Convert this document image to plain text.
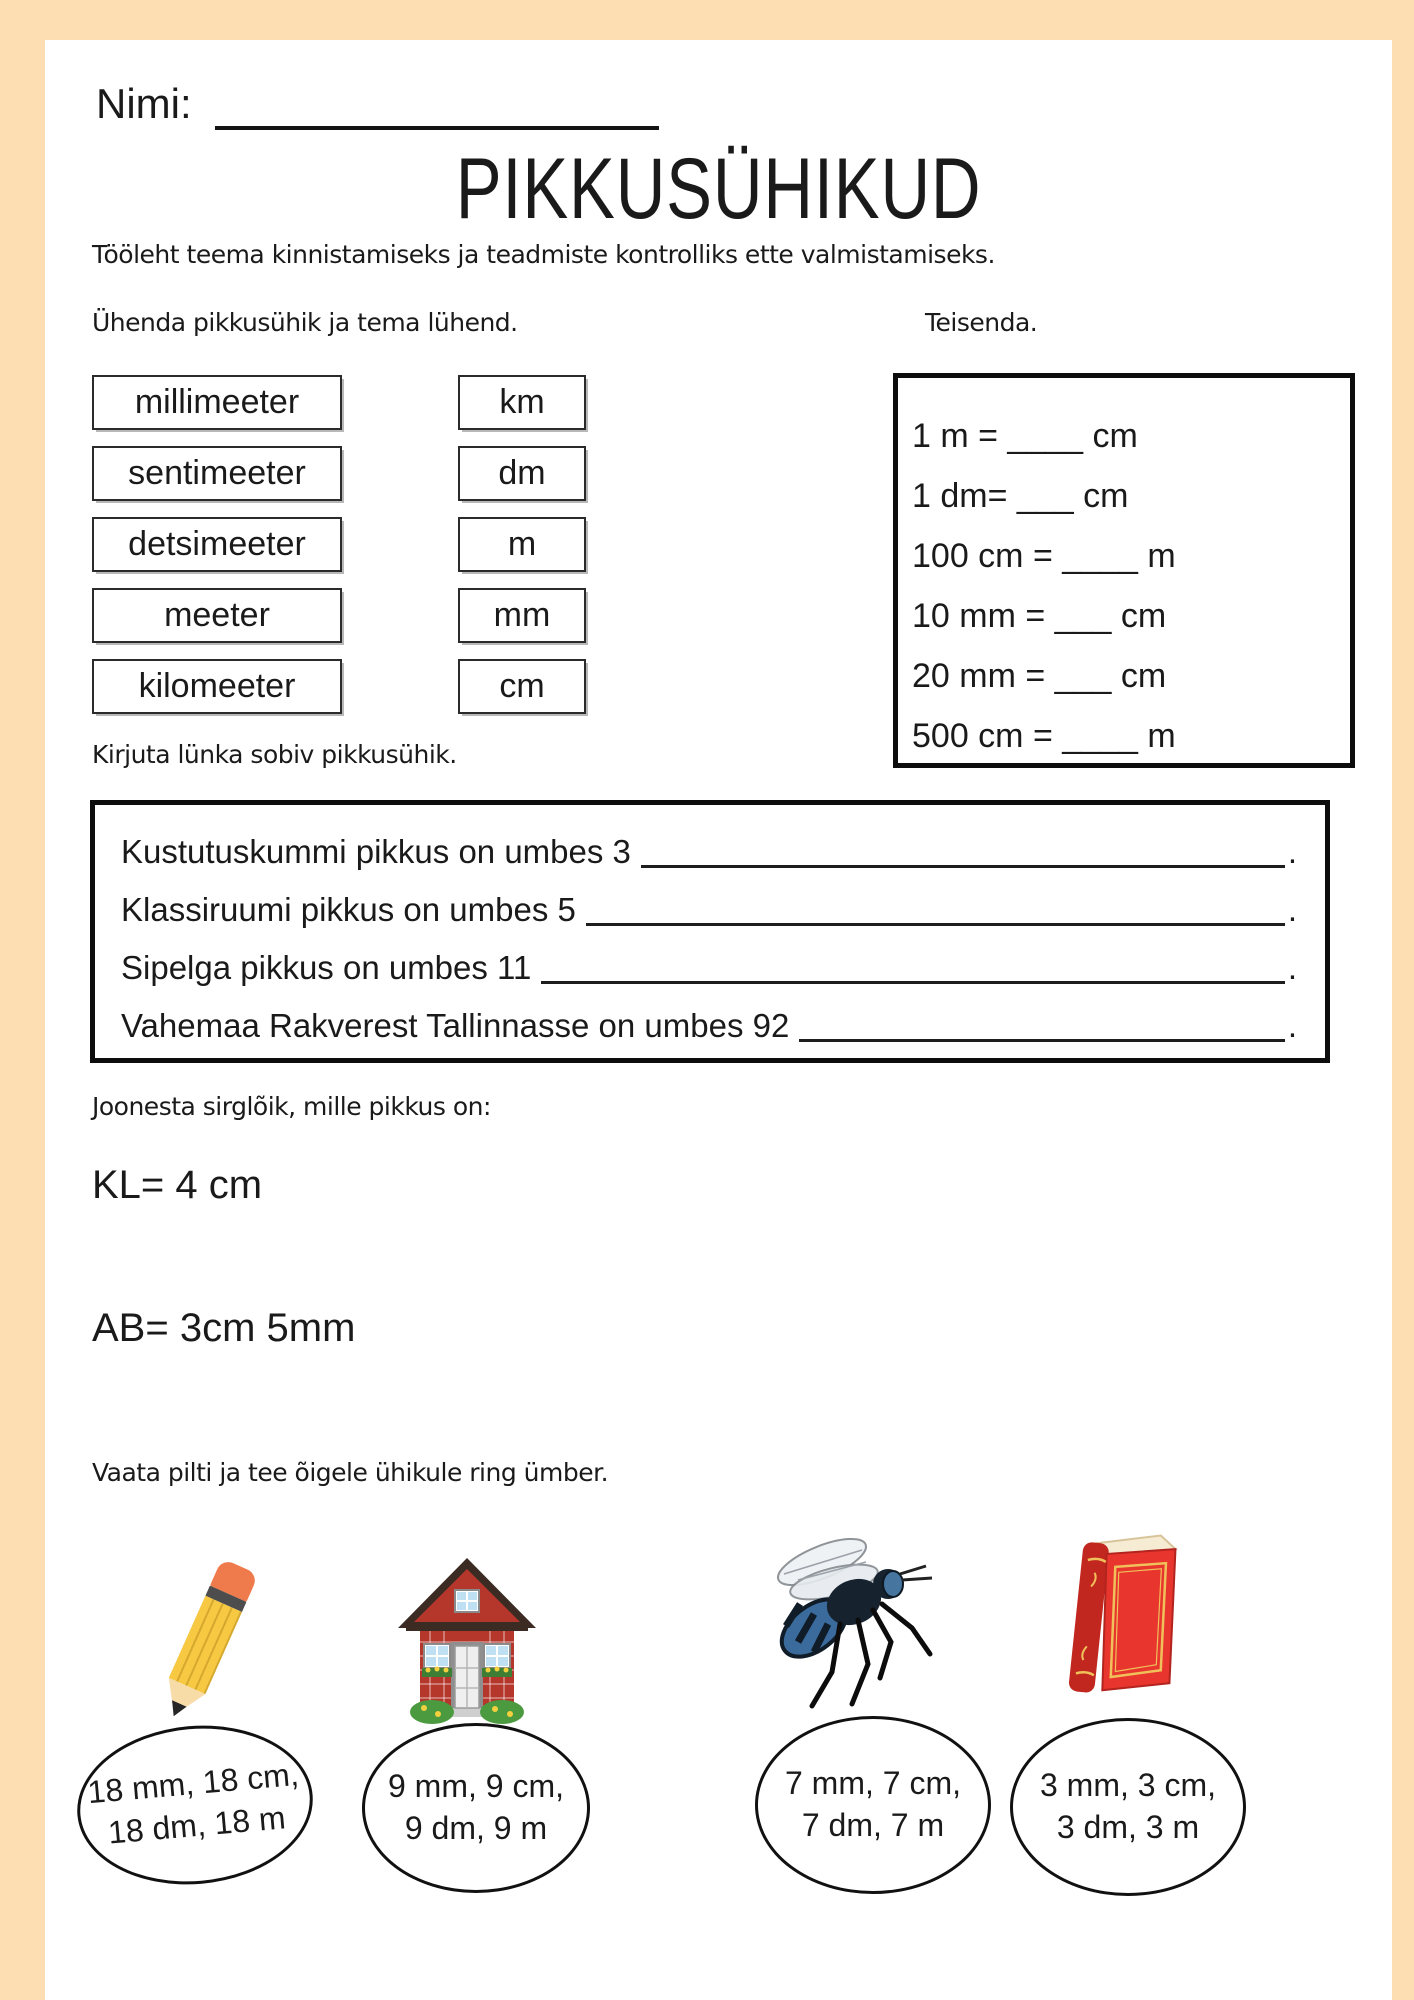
Nimi:
PIKKUSÜHIKUD
Tööleht teema kinnistamiseks ja teadmiste kontrolliks ette valmistamiseks.
Ühenda pikkusühik ja tema lühend.	Teisenda.
millimeeter
sentimeeter
detsimeeter
meeter
kilomeeter
km
dm
m
mm
cm
1 m = ____ cm
1 dm= ___ cm
100 cm = ____ m
10 mm = ___ cm
20 mm = ___ cm
500 cm = ____ m
Kirjuta lünka sobiv pikkusühik.
Kustutuskummi pikkus on umbes 3	.
Klassiruumi pikkus on umbes 5	.
Sipelga pikkus on umbes 11	.
Vahemaa Rakverest Tallinnasse on umbes 92	.
Joonesta sirglõik, mille pikkus on:
KL= 4 cm
AB= 3cm 5mm
Vaata pilti ja tee õigele ühikule ring ümber.
18 mm, 18 cm,
18 dm, 18 m
9 mm, 9 cm,
9 dm, 9 m
7 mm, 7 cm,
7 dm, 7 m
3 mm, 3 cm,
3 dm, 3 m
